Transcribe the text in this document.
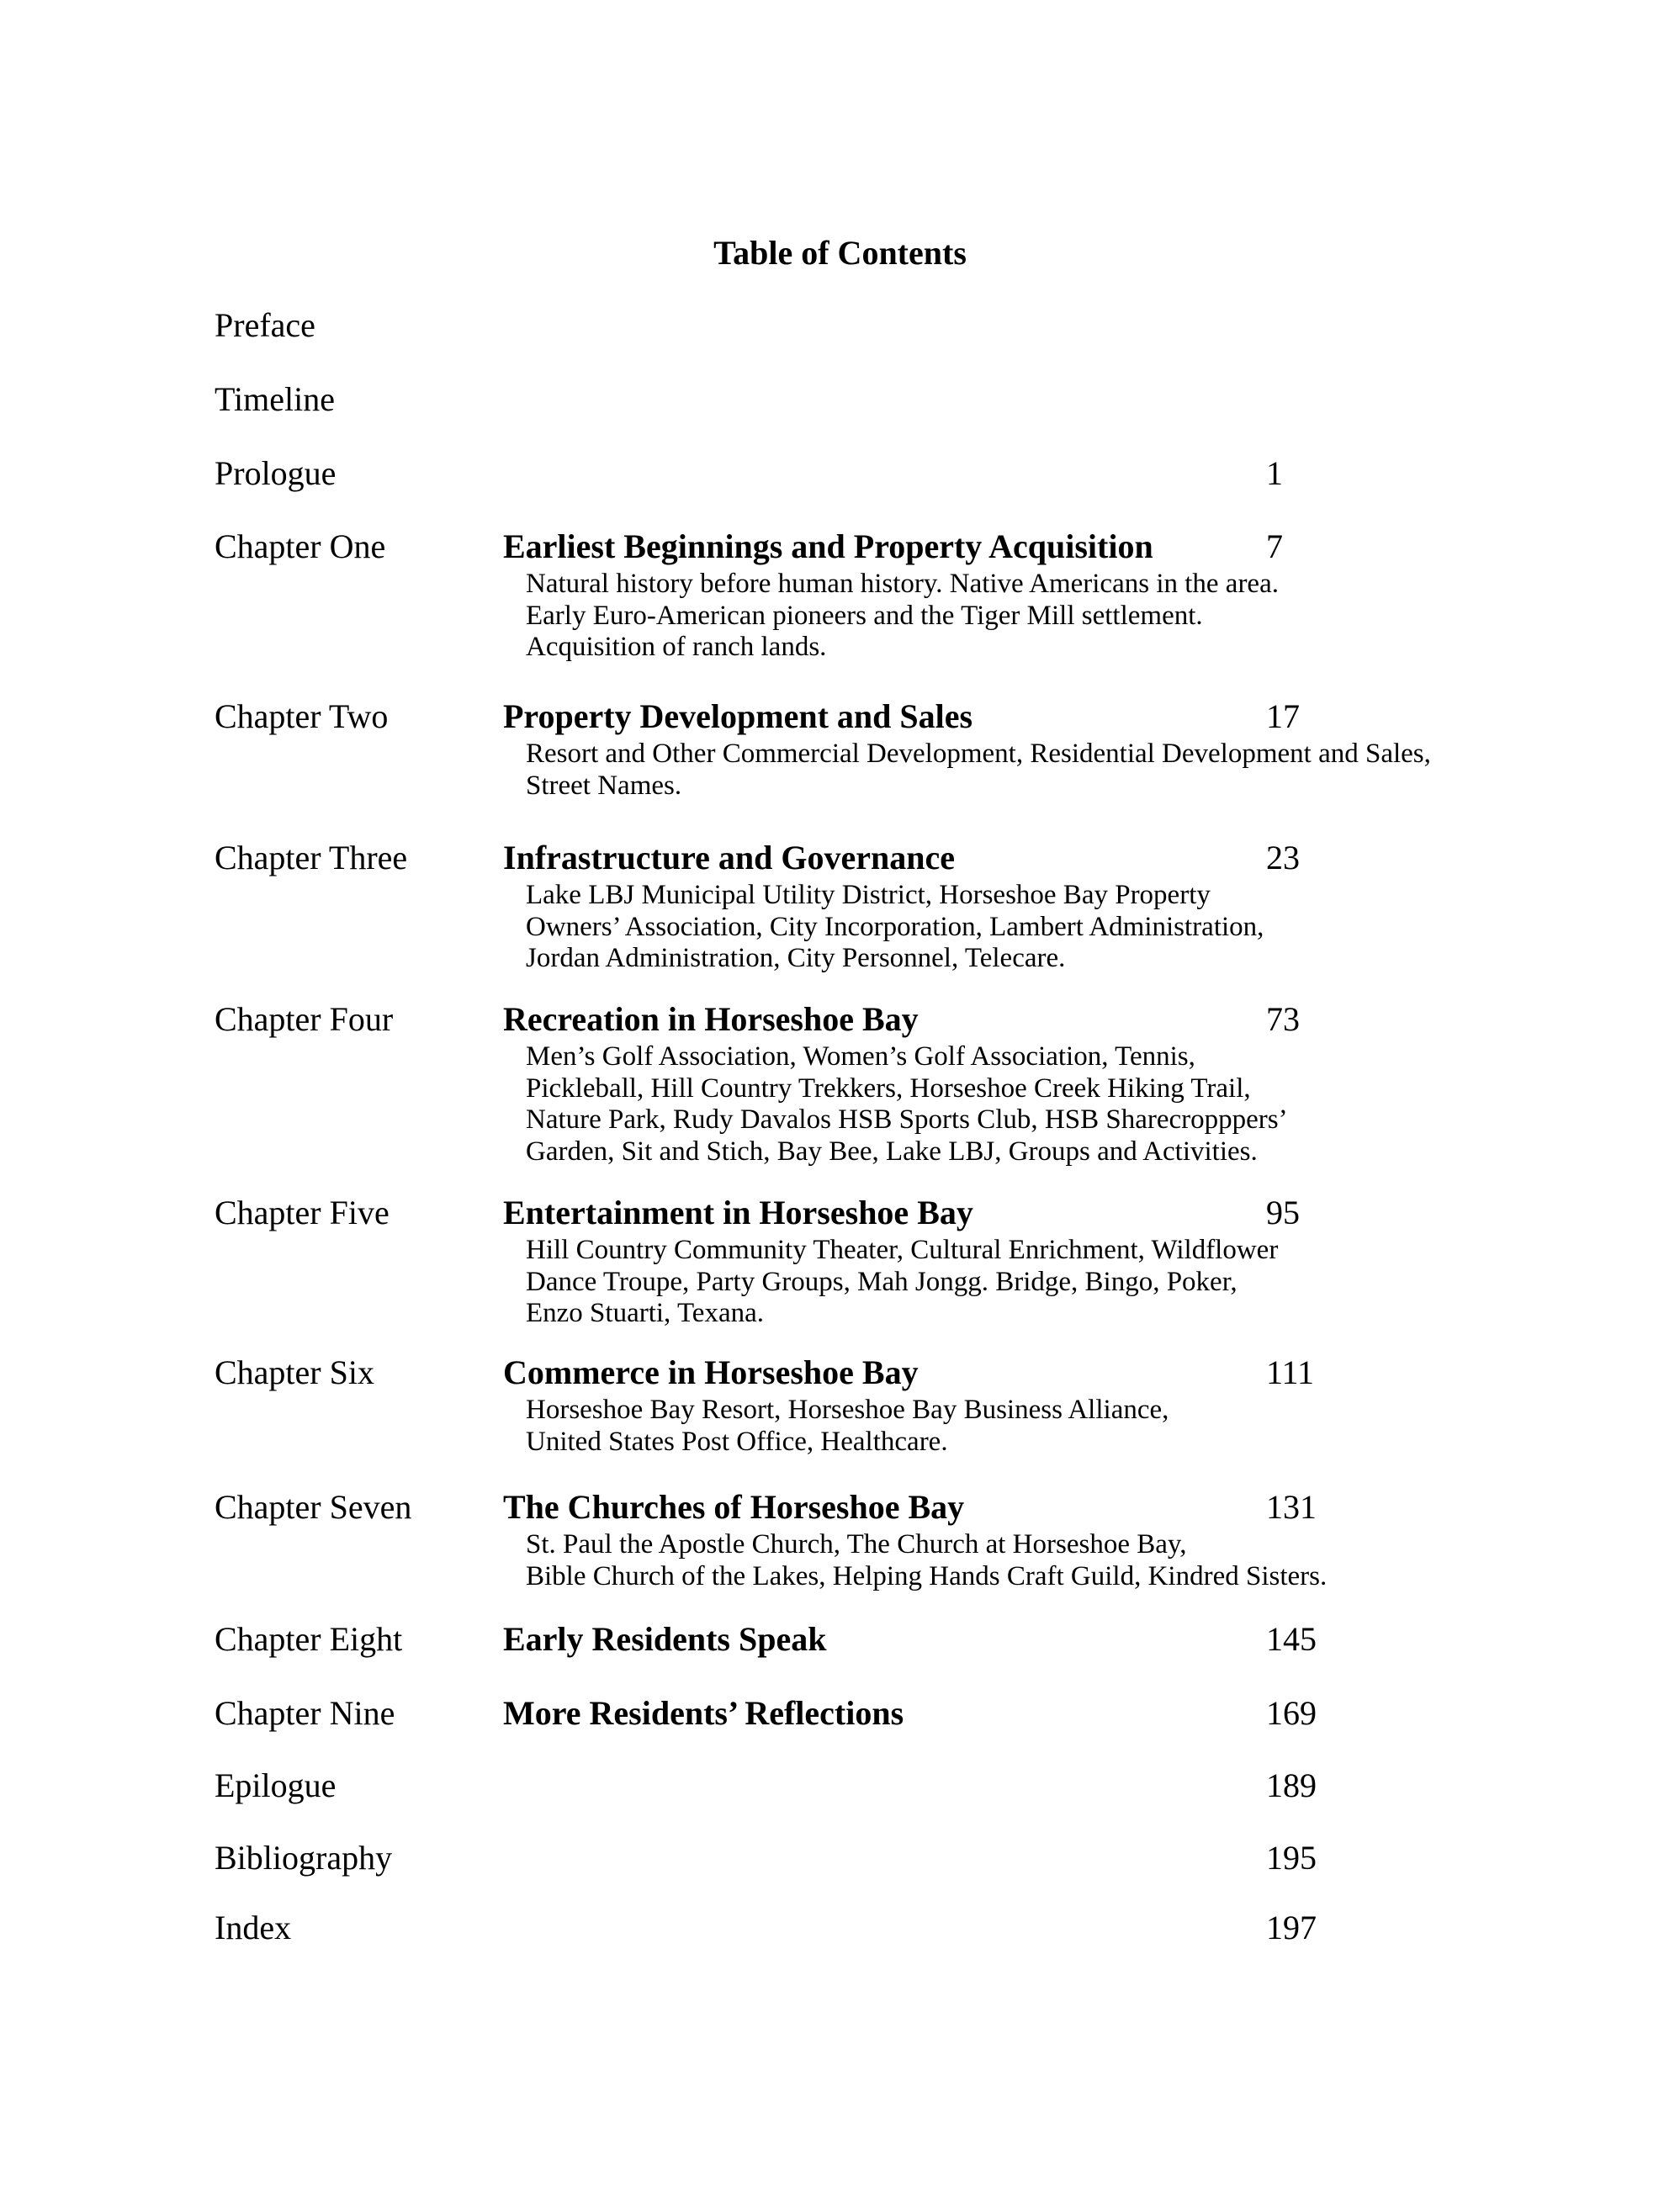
Table of Contents
Preface
Timeline
Prologue	1
Chapter One	Earliest Beginnings and Property Acquisition	7
Natural history before human history. Native Americans in the area.
Early Euro-American pioneers and the Tiger Mill settlement.
Acquisition of ranch lands.
Chapter Two	Property Development and Sales	17
Resort and Other Commercial Development, Residential Development and Sales,
Street Names.
Chapter Three	Infrastructure and Governance	23
Lake LBJ Municipal Utility District, Horseshoe Bay Property
Owners’ Association, City Incorporation, Lambert Administration,
Jordan Administration, City Personnel, Telecare.
Chapter Four	Recreation in Horseshoe Bay	73
Men’s Golf Association, Women’s Golf Association, Tennis,
Pickleball, Hill Country Trekkers, Horseshoe Creek Hiking Trail,
Nature Park, Rudy Davalos HSB Sports Club, HSB Sharecropppers’
Garden, Sit and Stich, Bay Bee, Lake LBJ, Groups and Activities.
Chapter Five	Entertainment in Horseshoe Bay	95
Hill Country Community Theater, Cultural Enrichment, Wildflower
Dance Troupe, Party Groups, Mah Jongg. Bridge, Bingo, Poker,
Enzo Stuarti, Texana.
Chapter Six	Commerce in Horseshoe Bay	111
Horseshoe Bay Resort, Horseshoe Bay Business Alliance,
United States Post Office, Healthcare.
Chapter Seven	The Churches of Horseshoe Bay	131
St. Paul the Apostle Church, The Church at Horseshoe Bay,
Bible Church of the Lakes, Helping Hands Craft Guild, Kindred Sisters.
Chapter Eight	Early Residents Speak	145
Chapter Nine	More Residents’ Reflections	169
Epilogue	189
Bibliography	195
Index	197
